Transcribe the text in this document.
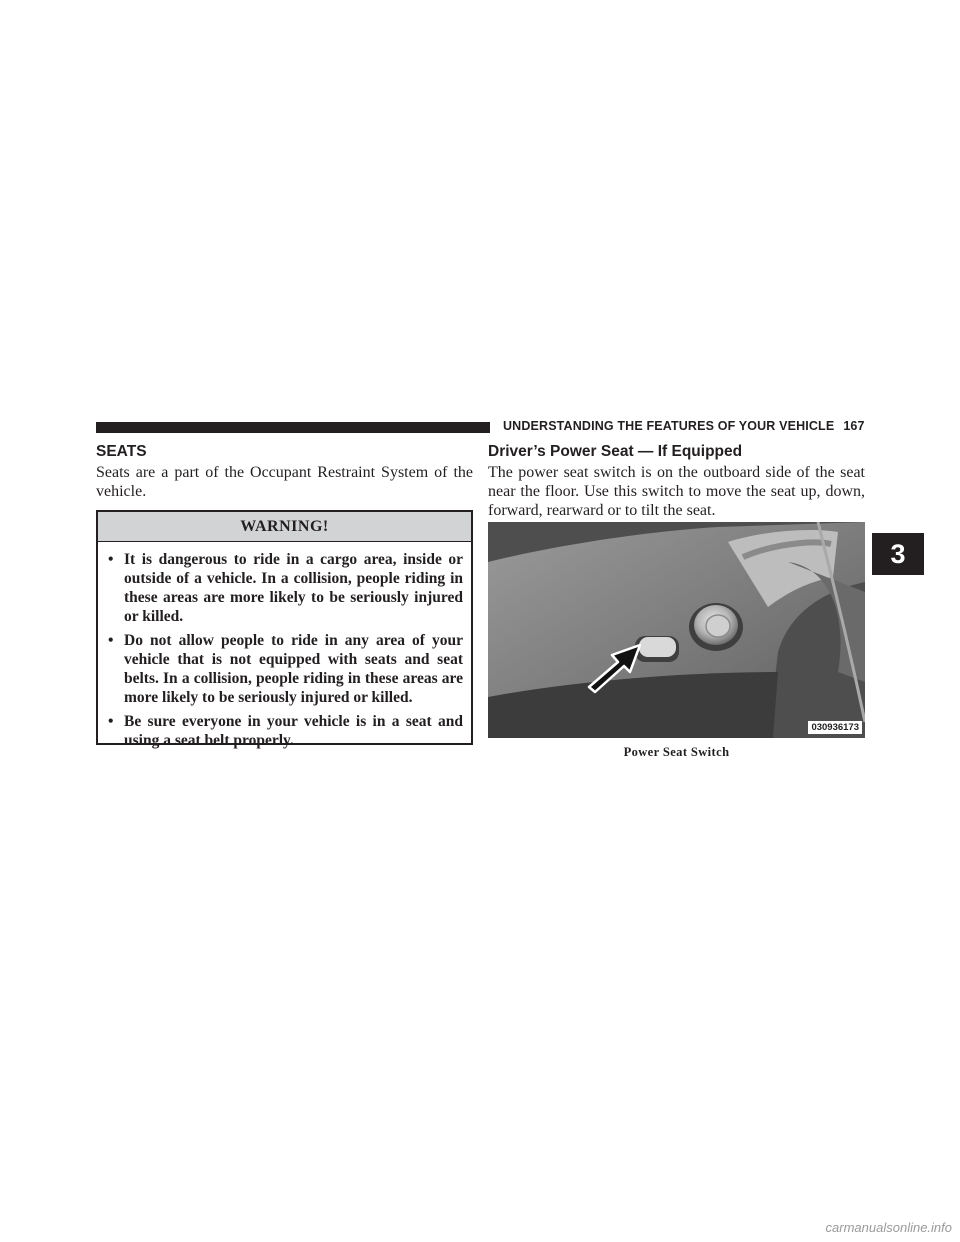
UNDERSTANDING THE FEATURES OF YOUR VEHICLE 167
3
SEATS

Seats are a part of the Occupant Restraint System of the vehicle.

WARNING!
• It is dangerous to ride in a cargo area, inside or outside of a vehicle. In a collision, people riding in these areas are more likely to be seriously injured or killed.
• Do not allow people to ride in any area of your vehicle that is not equipped with seats and seat belts. In a collision, people riding in these areas are more likely to be seriously injured or killed.
• Be sure everyone in your vehicle is in a seat and using a seat belt properly.
Driver’s Power Seat — If Equipped

The power seat switch is on the outboard side of the seat near the floor. Use this switch to move the seat up, down, forward, rearward or to tilt the seat.

030936173
Power Seat Switch
carmanualsonline.info
